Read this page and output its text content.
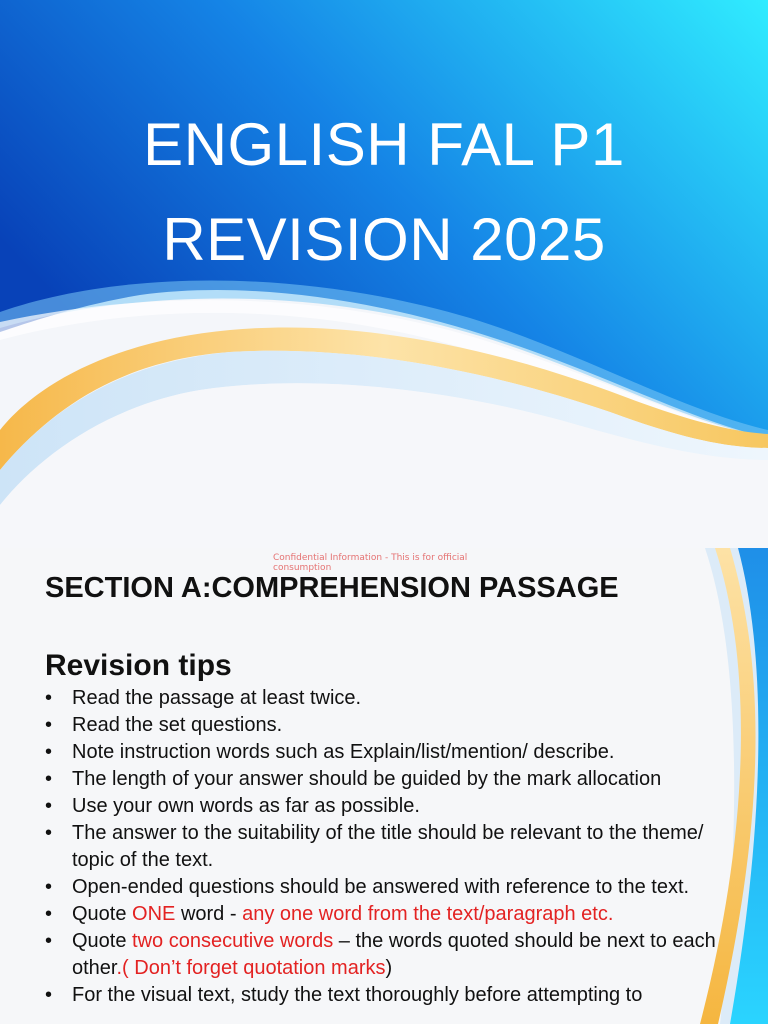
ENGLISH FAL P1
REVISION 2025
Confidential Information - This is for official consumption
SECTION A:COMPREHENSION PASSAGE
Revision tips
• Read the passage at least twice.
• Read the set questions.
• Note instruction words such as Explain/list/mention/ describe.
• The length of your answer should be guided by the mark allocation
• Use your own words as far as possible.
• The answer to the suitability of the title should be relevant to the theme/ topic of the text.
• Open-ended questions should be answered with reference to the text.
• Quote ONE word - any one word from the text/paragraph etc.
• Quote two consecutive words – the words quoted should be next to each other.( Don’t forget quotation marks)
• For the visual text, study the text thoroughly before attempting to
